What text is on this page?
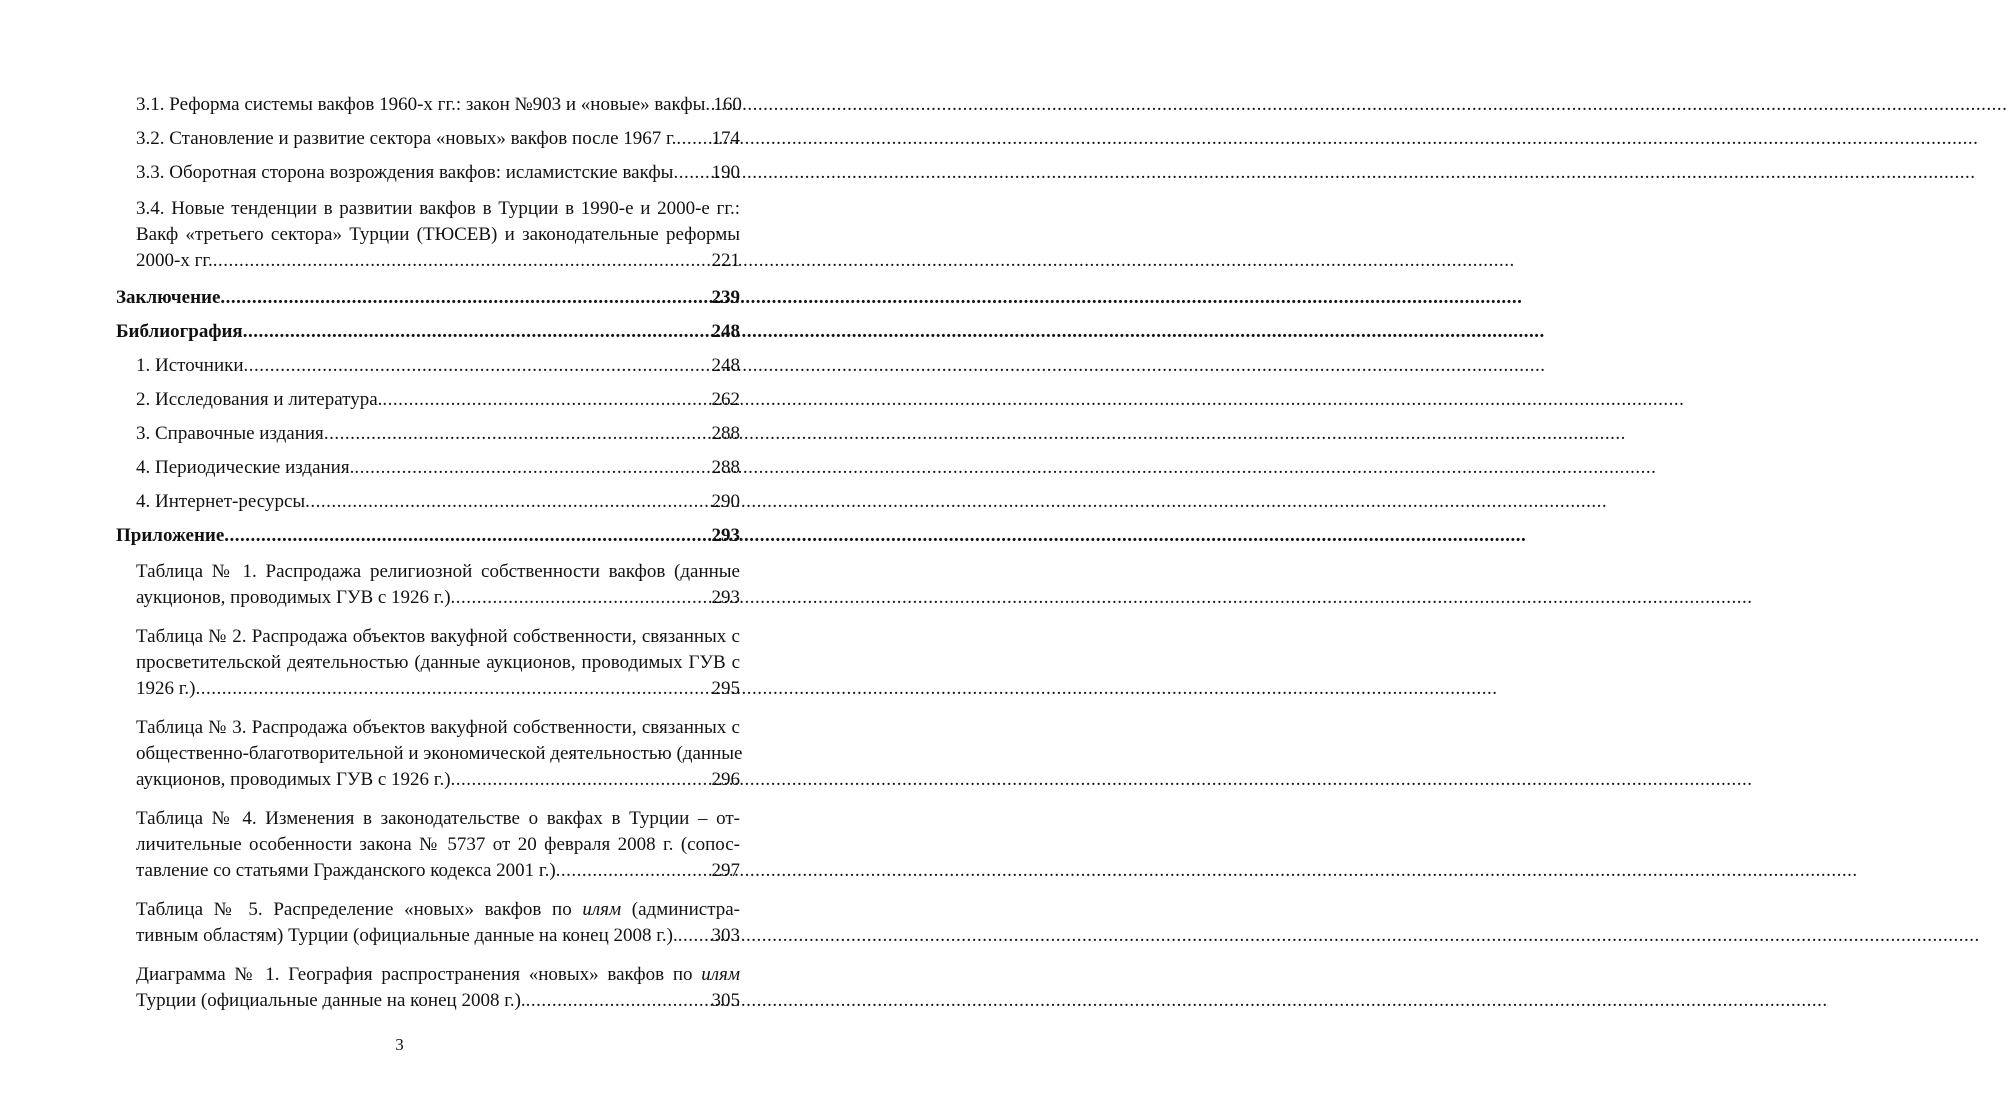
3.1. Реформа системы вакфов 1960-х гг.: закон №903 и «новые» вакфы ..... 160
3.2. Становление и развитие сектора «новых» вакфов после 1967 г. ..... 174
3.3. Оборотная сторона возрождения вакфов: исламистские вакфы ..... 190
3.4. Новые тенденции в развитии вакфов в Турции в 1990-е и 2000-е гг.:
Вакф «третьего сектора» Турции (ТЮСЕВ) и законодательные реформы
2000-х гг. .....	221
Заключение .....	239
Библиография .....	248
1. Источники .....	248
2. Исследования и литература. .....	262
3. Справочные издания .....	288
4. Периодические издания. .....	288
4. Интернет-ресурсы .....	290
Приложение .....	293
Таблица № 1. Распродажа религиозной собственности вакфов (данные
аукционов, проводимых ГУВ с 1926 г.) .....	293
Таблица № 2. Распродажа объектов вакуфной собственности, связанных с
просветительской деятельностью (данные аукционов, проводимых ГУВ с
1926 г.) .....	295
Таблица № 3. Распродажа объектов вакуфной собственности, связанных с
общественно-благотворительной и экономической деятельностью (данные
аукционов, проводимых ГУВ с 1926 г.) .....	296
Таблица № 4. Изменения в законодательстве о вакфах в Турции – от-
личительные особенности закона № 5737 от 20 февраля 2008 г. (сопос-
тавление со статьями Гражданского кодекса 2001 г.) .....	297
Таблица № 5. Распределение «новых» вакфов по илям (администра-
тивным областям) Турции (официальные данные на конец 2008 г.). ..... 303
Диаграмма № 1. География распространения «новых» вакфов по илям
Турции (официальные данные на конец 2008 г.). .....	305
3
